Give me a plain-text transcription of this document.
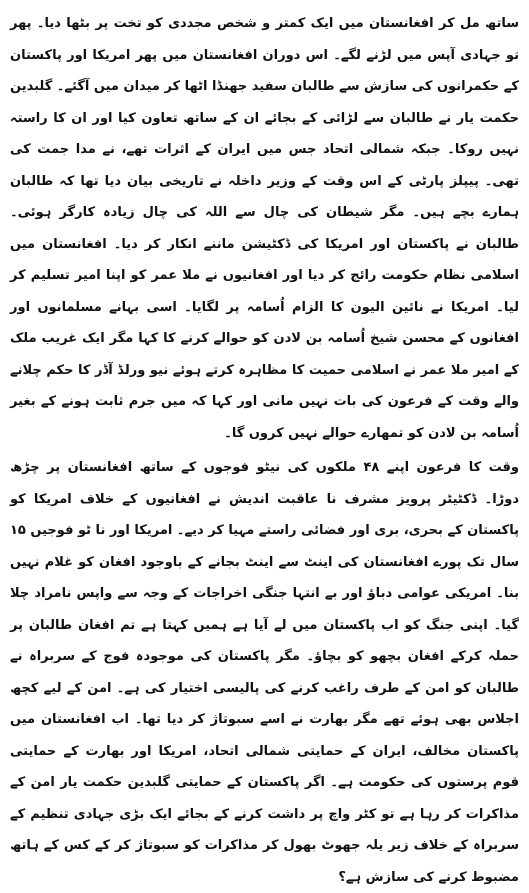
ساتھ مل کر افغانستان میں ایک کمتر و شخص مجددی کو تخت پر بٹھا دیا۔ پھر تو جہادی آپس میں لڑنے لگے۔ اس دوران افغانستان میں پھر امریکا اور پاکستان کے حکمرانوں کی سازش سے طالبان سفید جھنڈا اٹھا کر میدان میں آگئے۔ گلبدین حکمت یار نے طالبان سے لڑائی کے بجائے ان کے ساتھ تعاون کیا اور ان کا راستہ نہیں روکا۔ جبکہ شمالی اتحاد جس میں ایران کے اثرات تھے، نے مدا جمت کی تھی۔ پیپلز پارٹی کے اس وقت کے وزیر داخلہ نے تاریخی بیان دیا تھا کہ طالبان ہمارے بچے ہیں۔ مگر شیطان کی چال سے اللہ کی چال زیادہ کارگر ہوئی۔ طالبان نے پاکستان اور امریکا کی ڈکٹیشن ماننے انکار کر دیا۔ افغانستان میں اسلامی نظام حکومت رائج کر دیا اور افغانیوں نے ملا عمر کو اپنا امیر تسلیم کر لیا۔ امریکا نے نائین الیون کا الزام اُسامہ پر لگایا۔ اسی بہانے مسلمانوں اور افغانوں کے محسن شیخ اُسامہ بن لادن کو حوالے کرنے کا کہا مگر ایک غریب ملک کے امیر ملا عمر نے اسلامی حمیت کا مظاہرہ کرتے ہوئے نیو ورلڈ آڈر کا حکم چلانے والے وقت کے فرعون کی بات نہیں مانی اور کہا کہ میں جرم ثابت ہونے کے بغیر اُسامہ بن لادن کو تمھارے حوالے نہیں کروں گا۔

وقت کا فرعون اپنے ۴۸ ملکوں کی نیٹو فوجوں کے ساتھ افغانستان پر چڑھ دوڑا۔ ڈکٹیٹر پرویز مشرف نا عاقبت اندیش نے افغانیوں کے خلاف امریکا کو پاکستان کے بحری، بری اور فضائی راستے مہیا کر دیے۔ امریکا اور نا ٹو فوجیں ۱۵ سال تک پورے افغانستان کی اینٹ سے اینٹ بجانے کے باوجود افغان کو غلام نہیں بنا۔ امریکی عوامی دباؤ اور بے انتہا جنگی اخراجات کے وجہ سے واپس نامراد چلا گیا۔ اپنی جنگ کو اب پاکستان میں لے آیا ہے ہمیں کہتا ہے تم افغان طالبان پر حملہ کرکے افغان بچھو کو بچاؤ۔ مگر پاکستان کی موجودہ فوج کے سربراہ نے طالبان کو امن کے طرف راغب کرنے کی پالیسی اختیار کی ہے۔ امن کے لیے کچھ اجلاس بھی ہوئے تھے مگر بھارت نے اسے سبوتاژ کر دیا تھا۔ اب افغانستان میں پاکستان مخالف، ایران کے حمایتی شمالی اتحاد، امریکا اور بھارت کے حمایتی قوم پرستوں کی حکومت ہے۔ اگر پاکستان کے حمایتی گلبدین حکمت یار امن کے مذاکرات کر رہا ہے تو کٹر واچ پر داشت کرنے کے بجائے ایک بڑی جہادی تنظیم کے سربراہ کے خلاف زیر یلہ جھوٹ بھول کر مذاکرات کو سبوتاژ کر کے کس کے ہاتھ مضبوط کرنے کی سازش ہے؟
